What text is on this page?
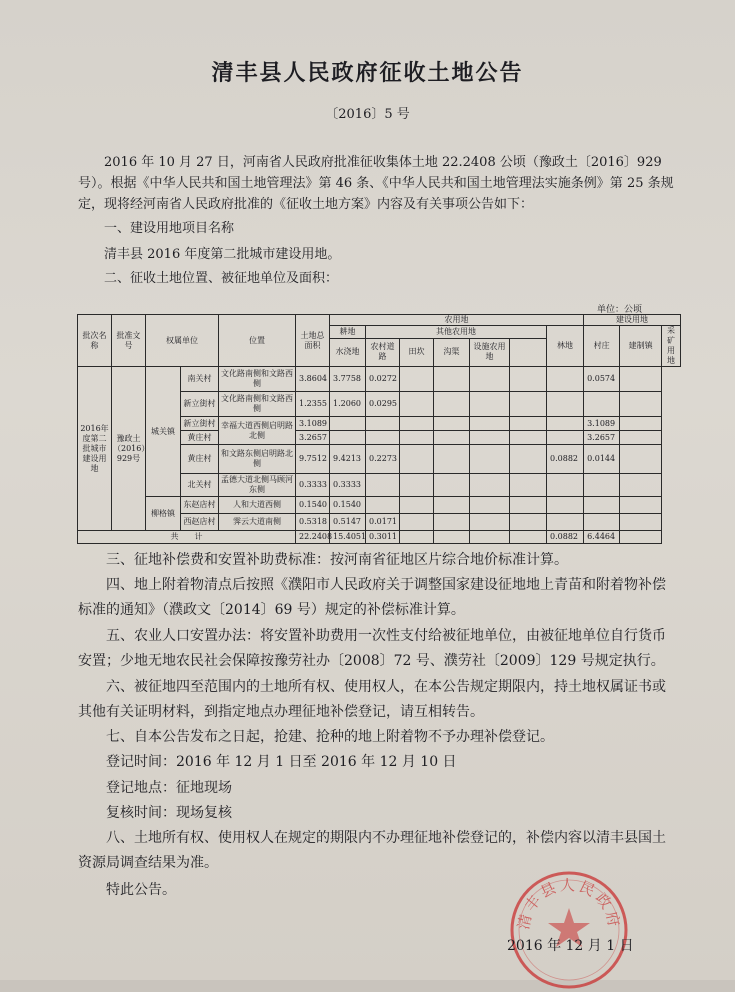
清丰县人民政府征收土地公告
〔2016〕5 号

2016 年 10 月 27 日，河南省人民政府批准征收集体土地 22.2408 公顷（豫政土〔2016〕929 号）。根据《中华人民共和国土地管理法》第 46 条、《中华人民共和国土地管理法实施条例》第 25 条规定，现将经河南省人民政府批准的《征收土地方案》内容及有关事项公告如下：

一、建设用地项目名称

清丰县 2016 年度第二批城市建设用地。

二、征收土地位置、被征地单位及面积：

单位：公顷
批次名称	批准文号	权属单位		位置	土地总面积	农用地							建设用地		
						耕地	其他农用地					林地	村庄	建制镇	采矿用地
						水浇地	农村道路	田坎	沟渠	设施农用地					
2016年度第二批城市建设用地	豫政土（2016）929号	城关镇	南关村	文化路南侧和文路西侧	3.8604	3.7758	0.0272						0.0574		
			新立街村	文化路南侧和文路西侧	1.2355	1.2060	0.0295								
			新立街村	幸福大道西侧启明路北侧	3.1089								3.1089		
			黄庄村		3.2657								3.2657		
			黄庄村	和文路东侧启明路北侧	9.7512	9.4213	0.2273					0.0882	0.0144		
			北关村	孟德大道北侧马顾河东侧	0.3333	0.3333									
		柳格镇	东赵店村	人和大道西侧	0.1540	0.1540									
			西赵店村	霁云大道南侧	0.5318	0.5147	0.0171								
共　　计					22.2408	15.4051	0.3011					0.0882	6.4464		

三、征地补偿费和安置补助费标准：按河南省征地区片综合地价标准计算。

四、地上附着物清点后按照《濮阳市人民政府关于调整国家建设征地地上青苗和附着物补偿标准的通知》（濮政文〔2014〕69 号）规定的补偿标准计算。

五、农业人口安置办法：将安置补助费用一次性支付给被征地单位，由被征地单位自行货币安置；少地无地农民社会保障按豫劳社办〔2008〕72 号、濮劳社〔2009〕129 号规定执行。

六、被征地四至范围内的土地所有权、使用权人，在本公告规定期限内，持土地权属证书或其他有关证明材料，到指定地点办理征地补偿登记，请互相转告。

七、自本公告发布之日起，抢建、抢种的地上附着物不予办理补偿登记。

登记时间：2016 年 12 月 1 日至 2016 年 12 月 10 日

登记地点：征地现场

复核时间：现场复核

八、土地所有权、使用权人在规定的期限内不办理征地补偿登记的，补偿内容以清丰县国土资源局调查结果为准。

特此公告。

清丰县人民政府
2016 年 12 月 1 日
